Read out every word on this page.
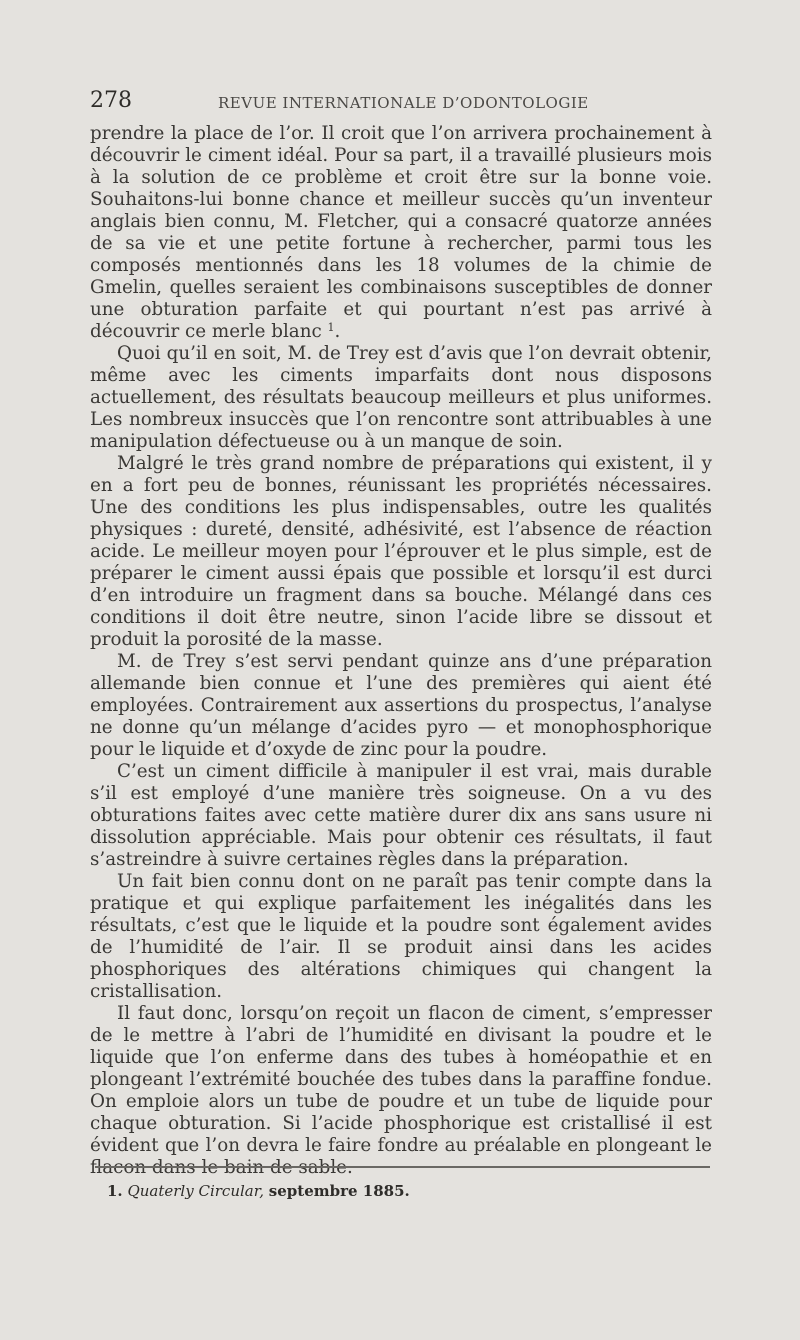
278	REVUE INTERNATIONALE D’ODONTOLOGIE

prendre la place de l’or. Il croit que l’on arrivera prochainement à découvrir le ciment idéal. Pour sa part, il a travaillé plusieurs mois à la solution de ce problème et croit être sur la bonne voie. Souhaitons-lui bonne chance et meilleur succès qu’un inventeur anglais bien connu, M. Fletcher, qui a consacré quatorze années de sa vie et une petite fortune à rechercher, parmi tous les composés mentionnés dans les 18 volumes de la chimie de Gmelin, quelles seraient les combinaisons susceptibles de donner une obturation parfaite et qui pourtant n’est pas arrivé à découvrir ce merle blanc $^1$.

Quoi qu’il en soit, M. de Trey est d’avis que l’on devrait obtenir, même avec les ciments imparfaits dont nous disposons actuellement, des résultats beaucoup meilleurs et plus uniformes. Les nombreux insuccès que l’on rencontre sont attribuables à une manipulation défectueuse ou à un manque de soin.

Malgré le très grand nombre de préparations qui existent, il y en a fort peu de bonnes, réunissant les propriétés nécessaires. Une des conditions les plus indispensables, outre les qualités physiques : dureté, densité, adhésivité, est l’absence de réaction acide. Le meilleur moyen pour l’éprouver et le plus simple, est de préparer le ciment aussi épais que possible et lorsqu’il est durci d’en introduire un fragment dans sa bouche. Mélangé dans ces conditions il doit être neutre, sinon l’acide libre se dissout et produit la porosité de la masse.

M. de Trey s’est servi pendant quinze ans d’une préparation allemande bien connue et l’une des premières qui aient été employées. Contrairement aux assertions du prospectus, l’analyse ne donne qu’un mélange d’acides pyro — et monophosphorique pour le liquide et d’oxyde de zinc pour la poudre.

C’est un ciment difficile à manipuler il est vrai, mais durable s’il est employé d’une manière très soigneuse. On a vu des obturations faites avec cette matière durer dix ans sans usure ni dissolution appréciable. Mais pour obtenir ces résultats, il faut s’astreindre à suivre certaines règles dans la préparation.

Un fait bien connu dont on ne paraît pas tenir compte dans la pratique et qui explique parfaitement les inégalités dans les résultats, c’est que le liquide et la poudre sont également avides de l’humidité de l’air. Il se produit ainsi dans les acides phosphoriques des altérations chimiques qui changent la cristallisation.

Il faut donc, lorsqu’on reçoit un flacon de ciment, s’empresser de le mettre à l’abri de l’humidité en divisant la poudre et le liquide que l’on enferme dans des tubes à homéopathie et en plongeant l’extrémité bouchée des tubes dans la paraffine fondue. On emploie alors un tube de poudre et un tube de liquide pour chaque obturation. Si l’acide phosphorique est cristallisé il est évident que l’on devra le faire fondre au préalable en plongeant le flacon dans le bain de sable.

1. Quaterly Circular, septembre 1885.
